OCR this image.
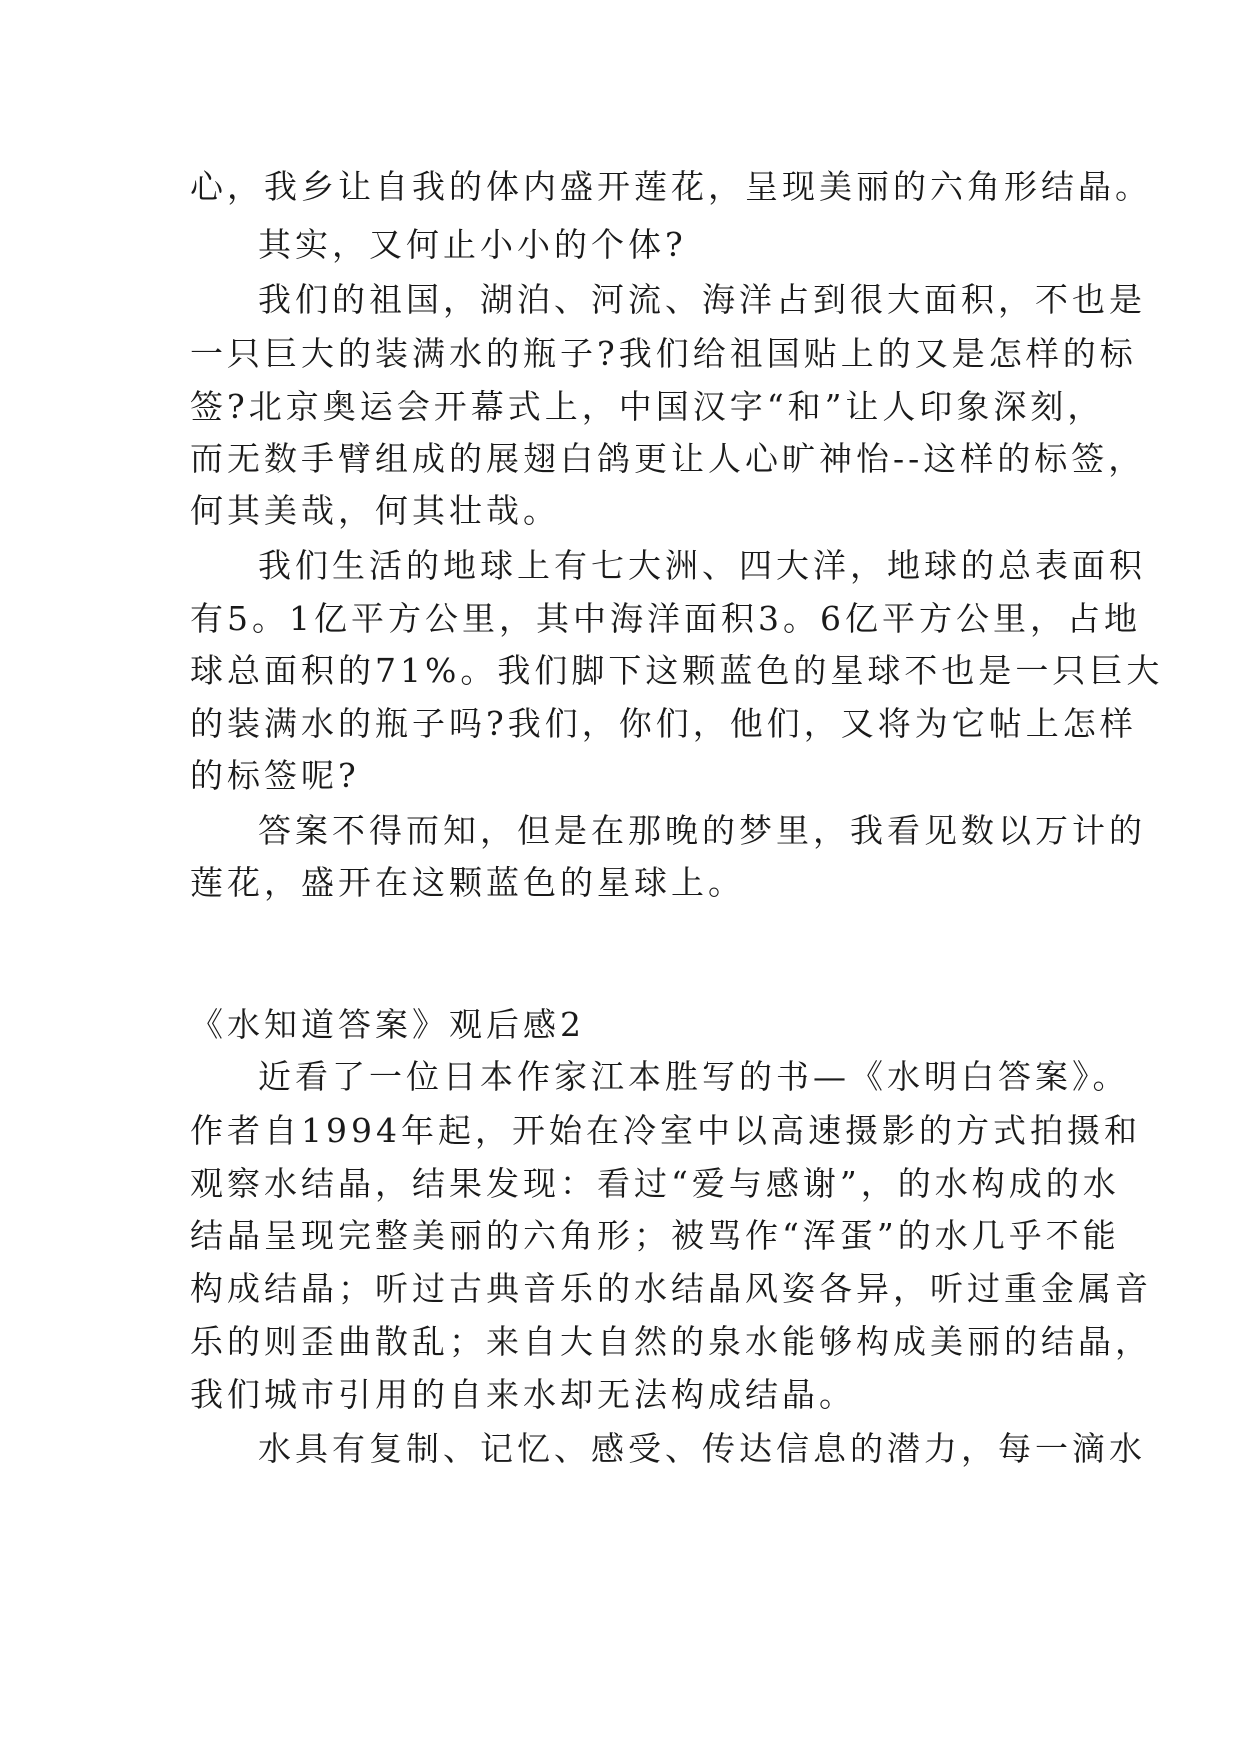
心，我乡让自我的体内盛开莲花，呈现美丽的六角形结晶。
其实，又何止小小的个体?
我们的祖国，湖泊、河流、海洋占到很大面积，不也是
一只巨大的装满水的瓶子?我们给祖国贴上的又是怎样的标
签?北京奥运会开幕式上，中国汉字“和”让人印象深刻，
而无数手臂组成的展翅白鸽更让人心旷神怡--这样的标签，
何其美哉，何其壮哉。
我们生活的地球上有七大洲、四大洋，地球的总表面积
有5。1亿平方公里，其中海洋面积3。6亿平方公里，占地
球总面积的71%。我们脚下这颗蓝色的星球不也是一只巨大
的装满水的瓶子吗?我们，你们，他们，又将为它帖上怎样
的标签呢?
答案不得而知，但是在那晚的梦里，我看见数以万计的
莲花，盛开在这颗蓝色的星球上。
《水知道答案》观后感2
近看了一位日本作家江本胜写的书—《水明白答案》。
作者自1994年起，开始在冷室中以高速摄影的方式拍摄和
观察水结晶，结果发现：看过“爱与感谢”，的水构成的水
结晶呈现完整美丽的六角形；被骂作“浑蛋”的水几乎不能
构成结晶；听过古典音乐的水结晶风姿各异，听过重金属音
乐的则歪曲散乱；来自大自然的泉水能够构成美丽的结晶，
我们城市引用的自来水却无法构成结晶。
水具有复制、记忆、感受、传达信息的潜力，每一滴水
